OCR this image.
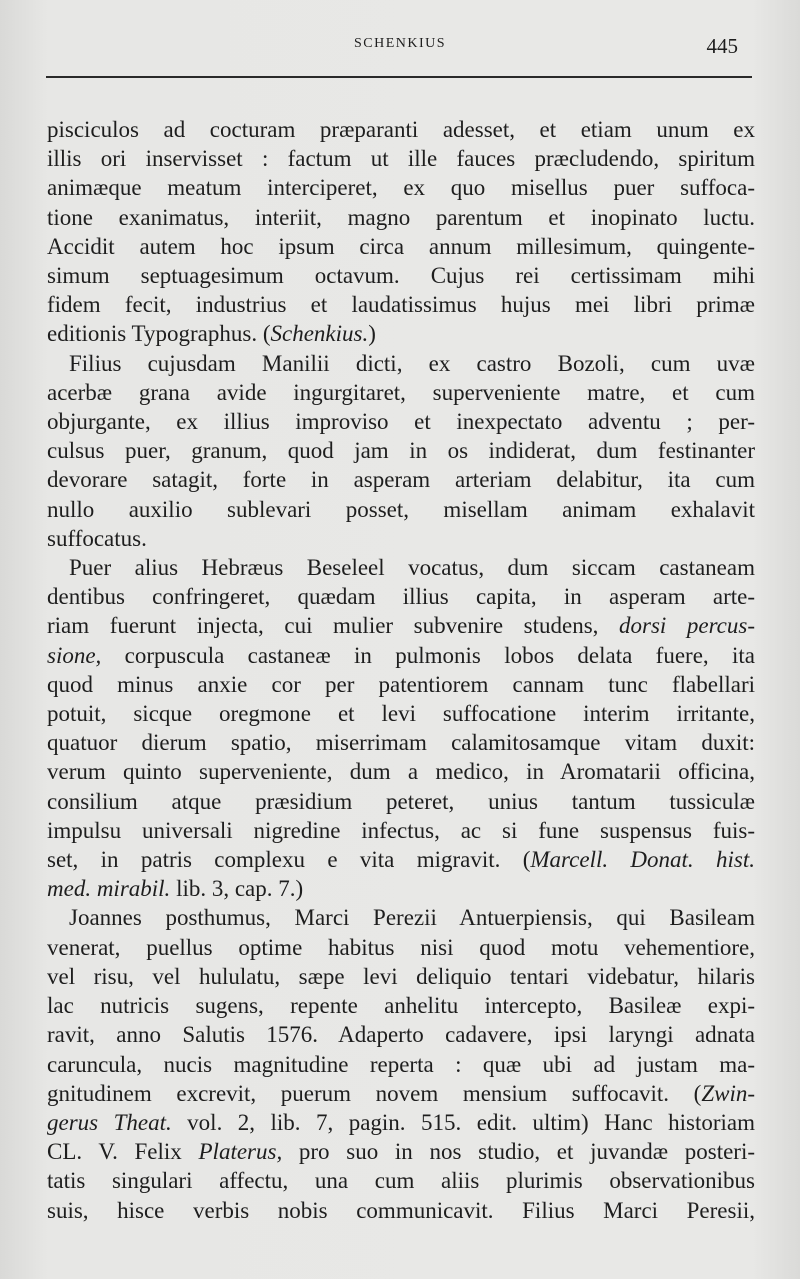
SCHENKIUS	445
pisciculos ad cocturam præparanti adesset, et etiam unum ex
illis ori inservisset : factum ut ille fauces præcludendo, spiritum
animæque meatum interciperet, ex quo misellus puer suffoca-
tione exanimatus, interiit, magno parentum et inopinato luctu.
Accidit autem hoc ipsum circa annum millesimum, quingente-
simum septuagesimum octavum. Cujus rei certissimam mihi
fidem fecit, industrius et laudatissimus hujus mei libri primæ
editionis Typographus. (Schenkius.)
Filius cujusdam Manilii dicti, ex castro Bozoli, cum uvæ
acerbæ grana avide ingurgitaret, superveniente matre, et cum
objurgante, ex illius improviso et inexpectato adventu ; per-
culsus puer, granum, quod jam in os indiderat, dum festinanter
devorare satagit, forte in asperam arteriam delabitur, ita cum
nullo auxilio sublevari posset, misellam animam exhalavit
suffocatus.
Puer alius Hebræus Beseleel vocatus, dum siccam castaneam
dentibus confringeret, quædam illius capita, in asperam arte-
riam fuerunt injecta, cui mulier subvenire studens, dorsi percus-
sione, corpuscula castaneæ in pulmonis lobos delata fuere, ita
quod minus anxie cor per patentiorem cannam tunc flabellari
potuit, sicque oregmone et levi suffocatione interim irritante,
quatuor dierum spatio, miserrimam calamitosamque vitam duxit:
verum quinto superveniente, dum a medico, in Aromatarii officina,
consilium atque præsidium peteret, unius tantum tussiculæ
impulsu universali nigredine infectus, ac si fune suspensus fuis-
set, in patris complexu e vita migravit. (Marcell. Donat. hist.
med. mirabil. lib. 3, cap. 7.)
Joannes posthumus, Marci Perezii Antuerpiensis, qui Basileam
venerat, puellus optime habitus nisi quod motu vehementiore,
vel risu, vel hululatu, sæpe levi deliquio tentari videbatur, hilaris
lac nutricis sugens, repente anhelitu intercepto, Basileæ expi-
ravit, anno Salutis 1576. Adaperto cadavere, ipsi laryngi adnata
caruncula, nucis magnitudine reperta : quæ ubi ad justam ma-
gnitudinem excrevit, puerum novem mensium suffocavit. (Zwin-
gerus Theat. vol. 2, lib. 7, pagin. 515. edit. ultim) Hanc historiam
CL. V. Felix Platerus, pro suo in nos studio, et juvandæ posteri-
tatis singulari affectu, una cum aliis plurimis observationibus
suis, hisce verbis nobis communicavit. Filius Marci Peresii,
